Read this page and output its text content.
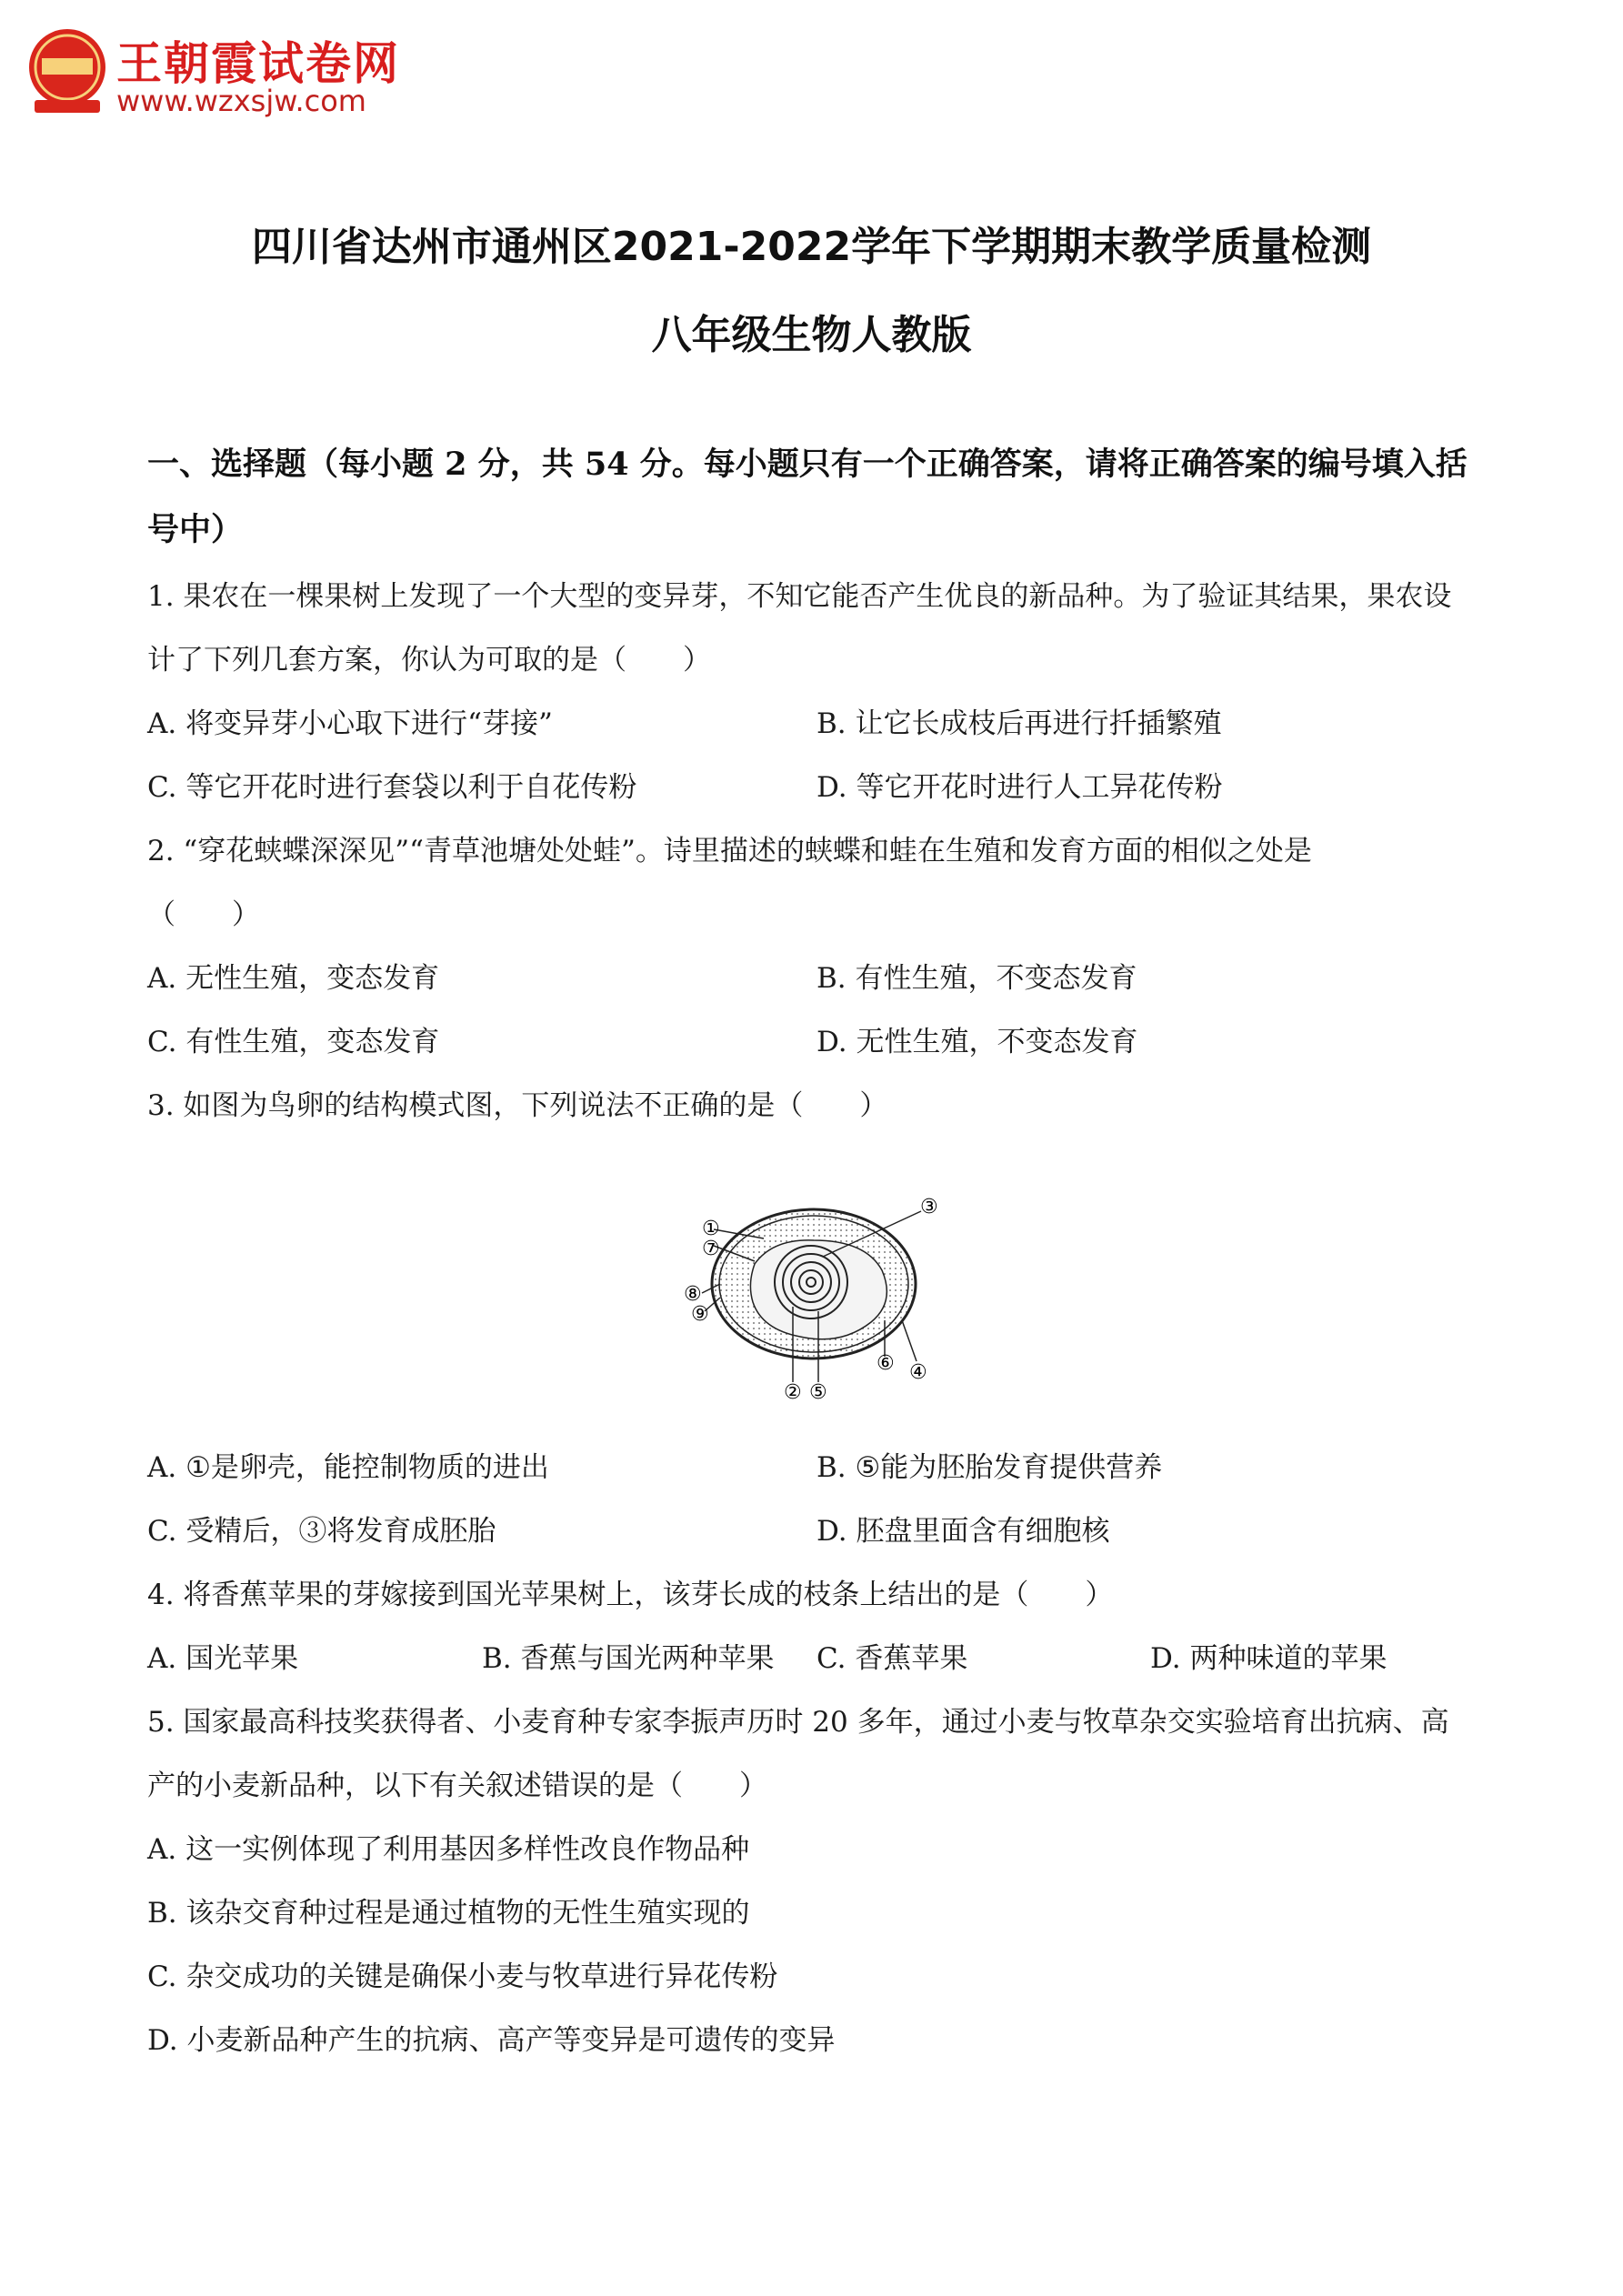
王朝霞试卷网
www.wzxsjw.com
四川省达州市通州区2021-2022学年下学期期末教学质量检测
八年级生物人教版
一、选择题（每小题 2 分，共 54 分。每小题只有一个正确答案，请将正确答案的编号填入括号中）
1. 果农在一棵果树上发现了一个大型的变异芽，不知它能否产生优良的新品种。为了验证其结果，果农设
计了下列几套方案，你认为可取的是（　　）
A. 将变异芽小心取下进行“芽接”	B. 让它长成枝后再进行扦插繁殖
C. 等它开花时进行套袋以利于自花传粉	D. 等它开花时进行人工异花传粉
2. “穿花蛱蝶深深见”“青草池塘处处蛙”。诗里描述的蛱蝶和蛙在生殖和发育方面的相似之处是
（　　）
A. 无性生殖，变态发育	B. 有性生殖，不变态发育
C. 有性生殖，变态发育	D. 无性生殖，不变态发育
3. 如图为鸟卵的结构模式图，下列说法不正确的是（　　）
①
⑦
③
⑧
⑨
⑥ ④
② ⑤
A. ①是卵壳，能控制物质的进出	B. ⑤能为胚胎发育提供营养
C. 受精后，③将发育成胚胎	D. 胚盘里面含有细胞核
4. 将香蕉苹果的芽嫁接到国光苹果树上，该芽长成的枝条上结出的是（　　）
A. 国光苹果	B. 香蕉与国光两种苹果 C. 香蕉苹果	D. 两种味道的苹果
5. 国家最高科技奖获得者、小麦育种专家李振声历时 20 多年，通过小麦与牧草杂交实验培育出抗病、高
产的小麦新品种，以下有关叙述错误的是（　　）
A. 这一实例体现了利用基因多样性改良作物品种
B. 该杂交育种过程是通过植物的无性生殖实现的
C. 杂交成功的关键是确保小麦与牧草进行异花传粉
D. 小麦新品种产生的抗病、高产等变异是可遗传的变异
